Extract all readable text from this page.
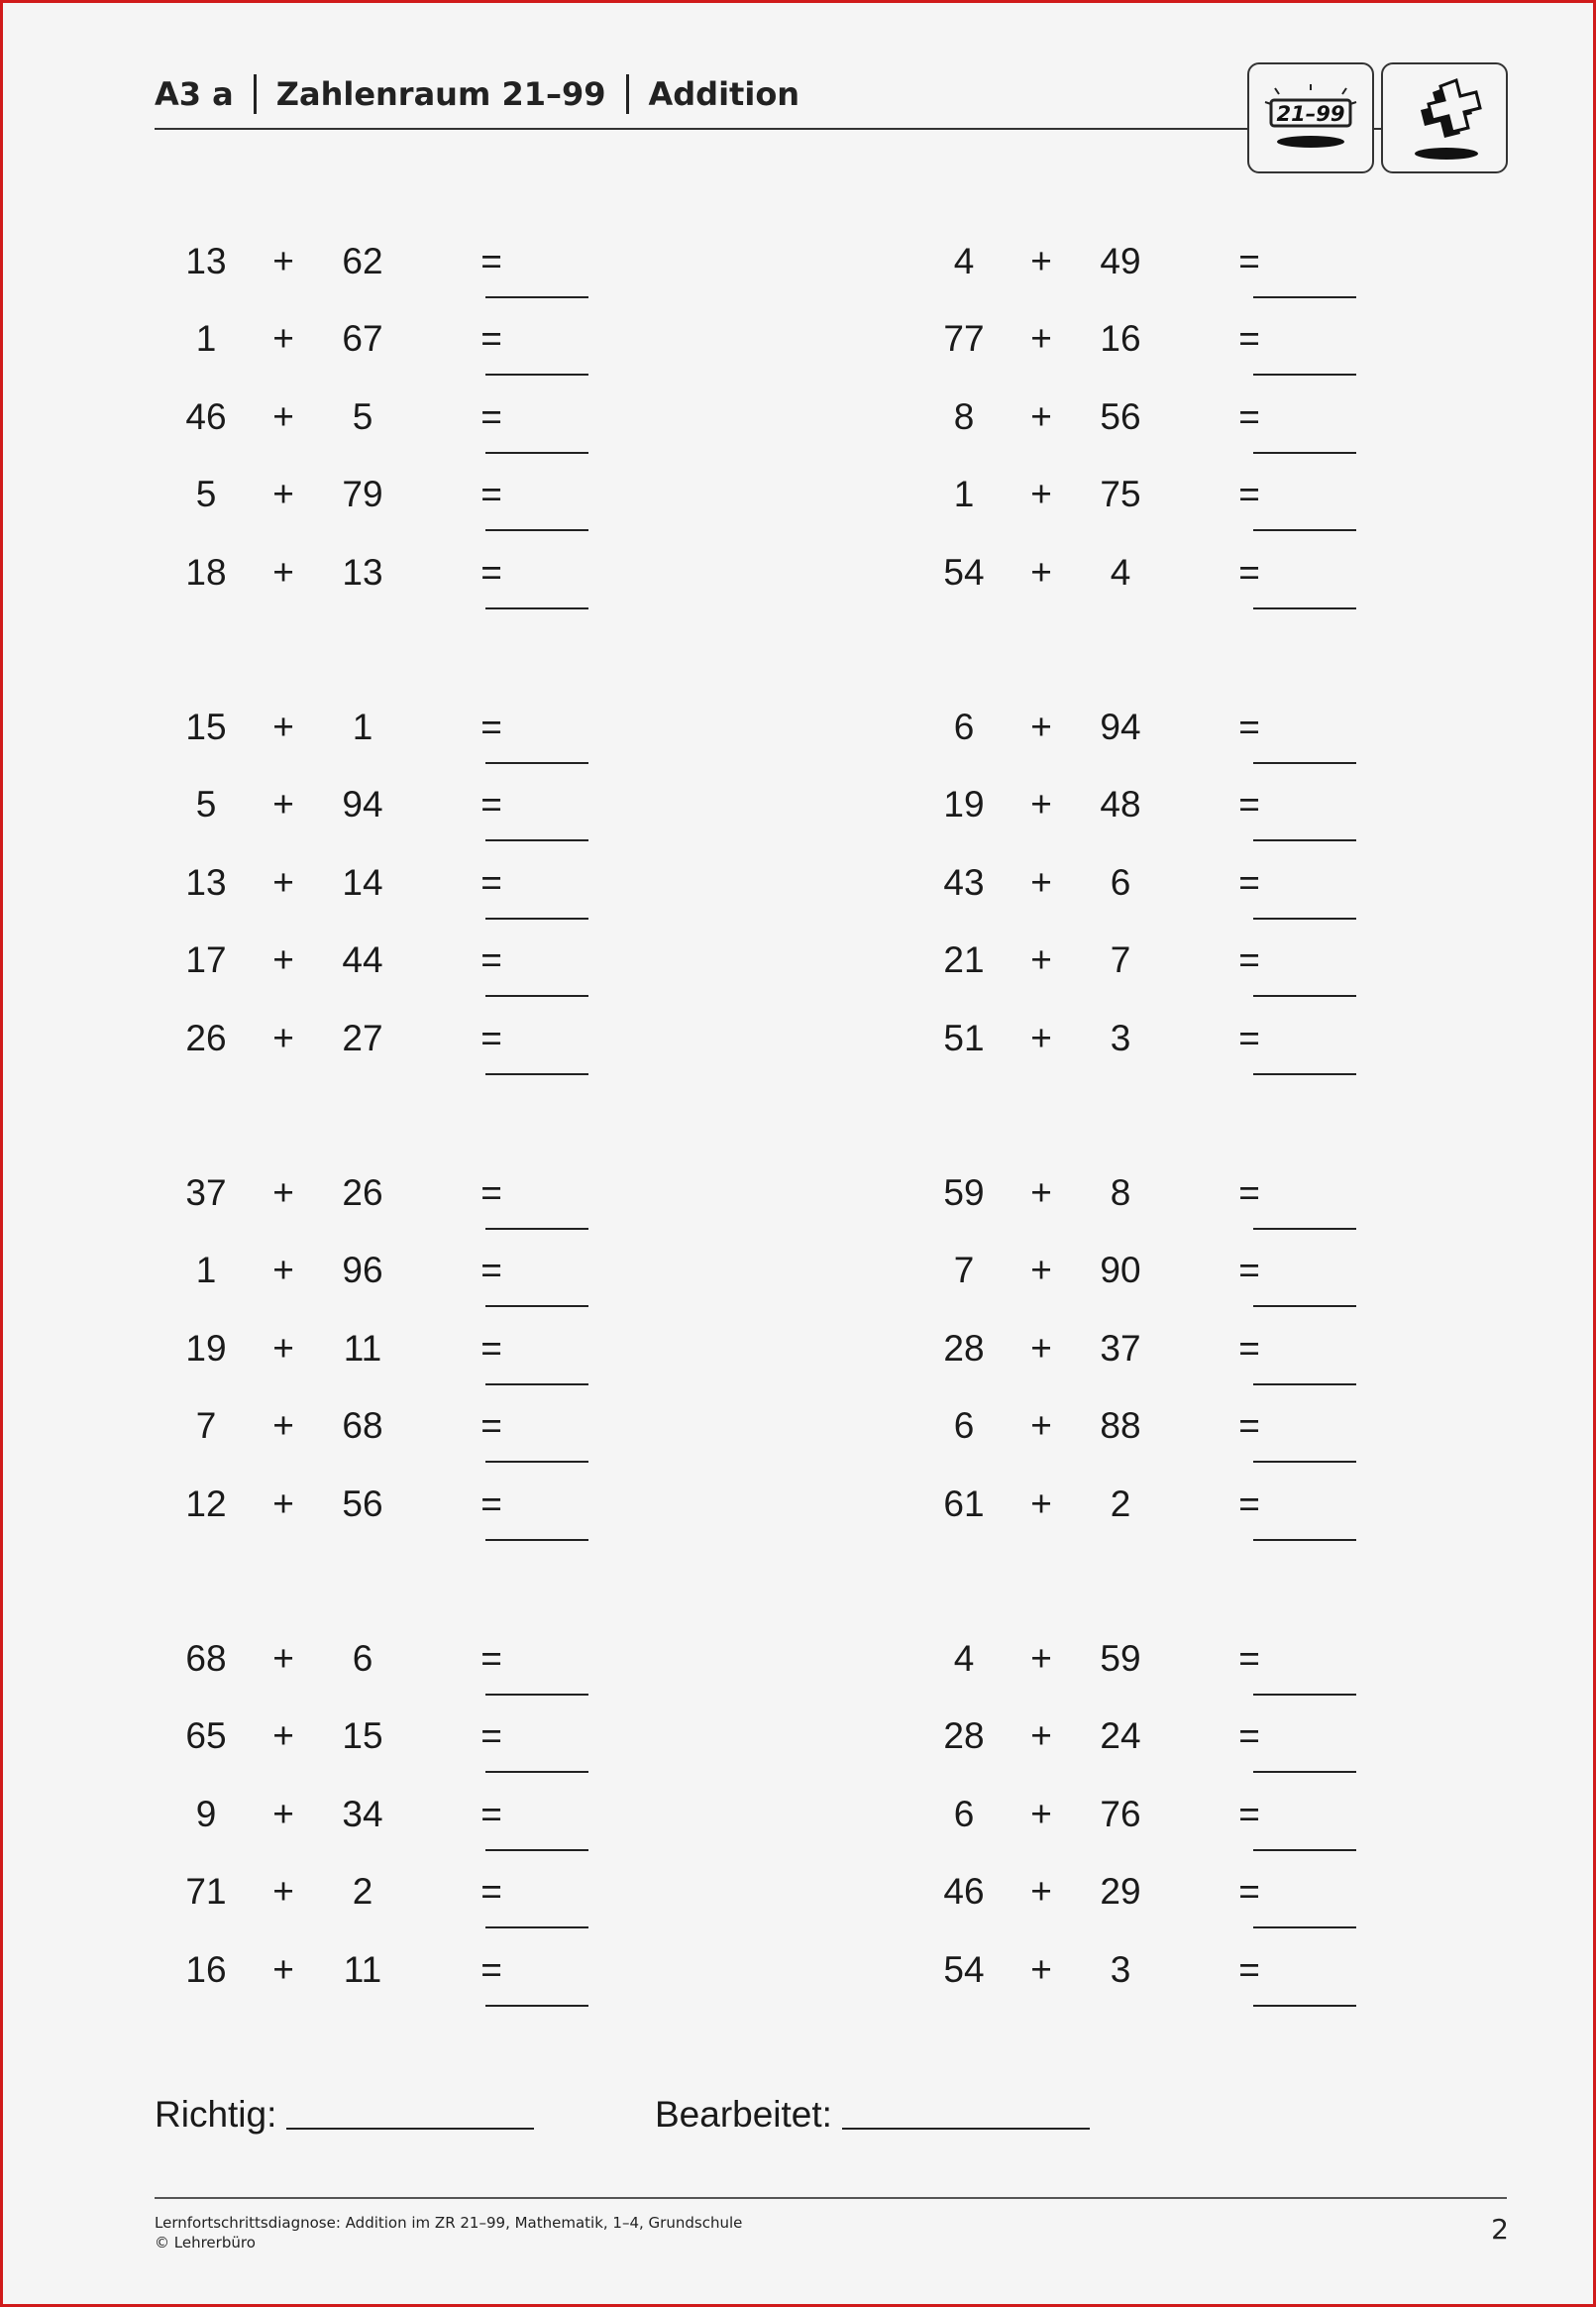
A3 a Zahlenraum 21–99 Addition
21–99
13	+	62	=
1	+	67	=
46	+	5	=
5	+	79	=
18	+	13	=
15	+	1	=
5	+	94	=
13	+	14	=
17	+	44	=
26	+	27	=
37	+	26	=
1	+	96	=
19	+	11	=
7	+	68	=
12	+	56	=
68	+	6	=
65	+	15	=
9	+	34	=
71	+	2	=
16	+	11	=
4	+	49	=
77	+	16	=
8	+	56	=
1	+	75	=
54	+	4	=
6	+	94	=
19	+	48	=
43	+	6	=
21	+	7	=
51	+	3	=
59	+	8	=
7	+	90	=
28	+	37	=
6	+	88	=
61	+	2	=
4	+	59	=
28	+	24	=
6	+	76	=
46	+	29	=
54	+	3	=
Richtig:	Bearbeitet:
Lernfortschrittsdiagnose: Addition im ZR 21–99, Mathematik, 1–4, Grundschule
© Lehrerbüro	2
